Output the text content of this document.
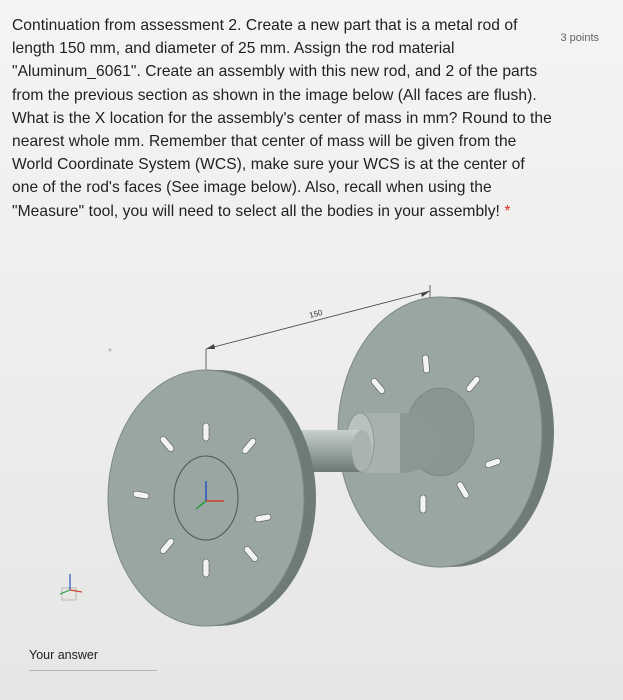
Continuation from assessment 2. Create a new part that is a metal rod of length 150 mm, and diameter of 25 mm. Assign the rod material "Aluminum_6061". Create an assembly with this new rod, and 2 of the parts from the previous section as shown in the image below (All faces are flush). What is the X location for the assembly's center of mass in mm? Round to the nearest whole mm. Remember that center of mass will be given from the World Coordinate System (WCS), make sure your WCS is at the center of one of the rod's faces (See image below). Also, recall when using the "Measure" tool, you will need to select all the bodies in your assembly! *
3 points
150
Your answer
